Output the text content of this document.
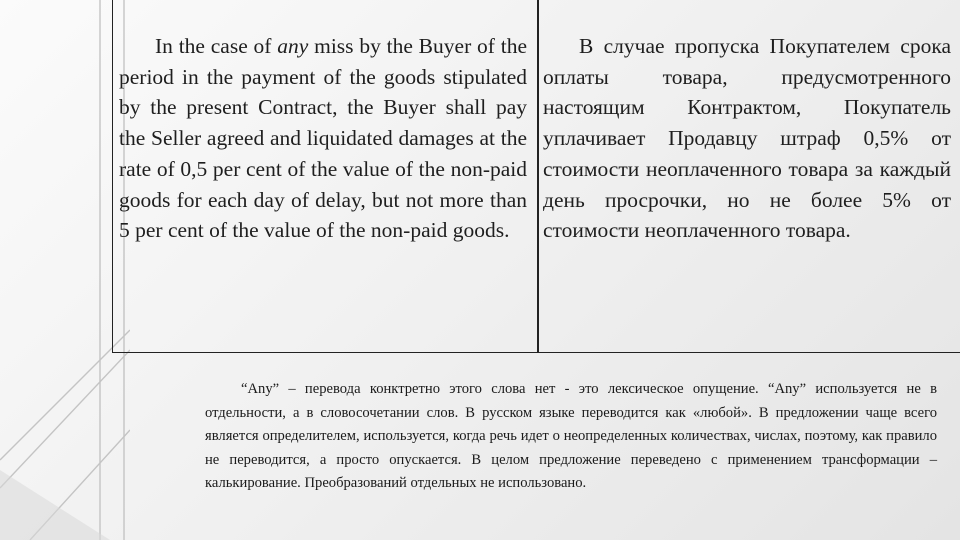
In the case of any miss by the Buyer of the period in the payment of the goods stipulated by the present Contract, the Buyer shall pay the Seller agreed and liquidated damages at the rate of 0,5 per cent of the value of the non-paid goods for each day of delay, but not more than 5 per cent of the value of the non-paid goods.
В случае пропуска Покупателем срока оплаты товара, предусмотренного настоящим Контрактом, Покупатель уплачивает Продавцу штраф 0,5% от стоимости неоплаченного товара за каждый день просрочки, но не более 5% от стоимости неоплаченного товара.
“Any” – перевода конктретно этого слова нет - это лексическое опущение. “Any” используется не в отдельности, а в словосочетании слов. В русском языке переводится как «любой». В предложении чаще всего является определителем, используется, когда речь идет о неопределенных количествах, числах, поэтому, как правило не переводится, а просто опускается. В целом предложение переведено с применением трансформации – калькирование. Преобразований отдельных не использовано.
